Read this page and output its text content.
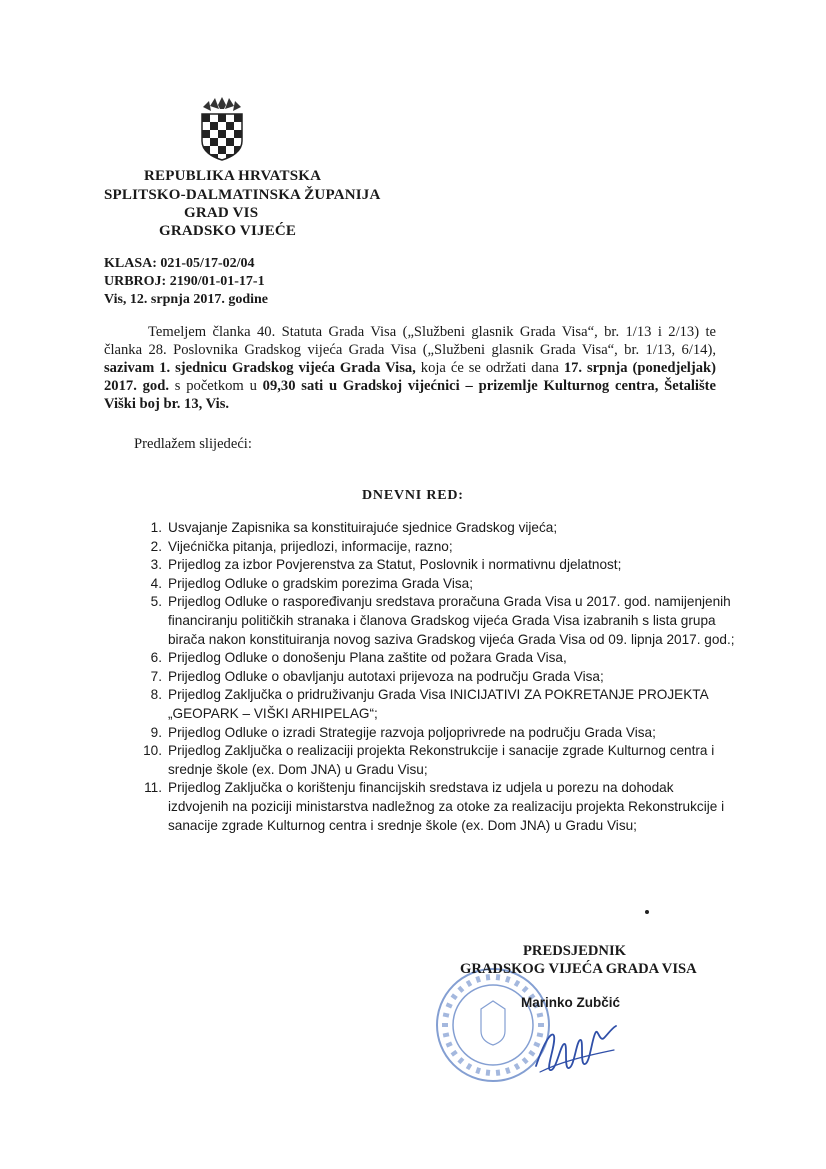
REPUBLIKA HRVATSKA
SPLITSKO-DALMATINSKA ŽUPANIJA
GRAD VIS
GRADSKO VIJEĆE
KLASA: 021-05/17-02/04
URBROJ: 2190/01-01-17-1
Vis, 12. srpnja 2017. godine

Temeljem članka 40. Statuta Grada Visa („Službeni glasnik Grada Visa“, br. 1/13 i 2/13) te članka 28. Poslovnika Gradskog vijeća Grada Visa („Službeni glasnik Grada Visa“, br. 1/13, 6/14), sazivam 1. sjednicu Gradskog vijeća Grada Visa, koja će se održati dana 17. srpnja (ponedjeljak) 2017. god. s početkom u 09,30 sati u Gradskoj vijećnici – prizemlje Kulturnog centra, Šetalište Viški boj br. 13, Vis.

Predlažem slijedeći:
DNEVNI RED:
1. Usvajanje Zapisnika sa konstituirajuće sjednice Gradskog vijeća;
2. Vijećnička pitanja, prijedlozi, informacije, razno;
3. Prijedlog za izbor Povjerenstva za Statut, Poslovnik i normativnu djelatnost;
4. Prijedlog Odluke o gradskim porezima Grada Visa;
5. Prijedlog Odluke o raspoređivanju sredstava proračuna Grada Visa u 2017. god. namijenjenih financiranju političkih stranaka i članova Gradskog vijeća Grada Visa izabranih s lista grupa birača nakon konstituiranja novog saziva Gradskog vijeća Grada Visa od 09. lipnja 2017. god.;
6. Prijedlog Odluke o donošenju Plana zaštite od požara Grada Visa,
7. Prijedlog Odluke o obavljanju autotaxi prijevoza na području Grada Visa;
8. Prijedlog Zaključka o pridruživanju Grada Visa INICIJATIVI ZA POKRETANJE PROJEKTA „GEOPARK – VIŠKI ARHIPELAG“;
9. Prijedlog Odluke o izradi Strategije razvoja poljoprivrede na području Grada Visa;
10. Prijedlog Zaključka o realizaciji projekta Rekonstrukcije i sanacije zgrade Kulturnog centra i srednje škole (ex. Dom JNA) u Gradu Visu;
11. Prijedlog Zaključka o korištenju financijskih sredstava iz udjela u porezu na dohodak izdvojenih na poziciji ministarstva nadležnog za otoke za realizaciju projekta Rekonstrukcije i sanacije zgrade Kulturnog centra i srednje škole (ex. Dom JNA) u Gradu Visu;
PREDSJEDNIK
GRADSKOG VIJEĆA GRADA VISA
Marinko Zubčić
